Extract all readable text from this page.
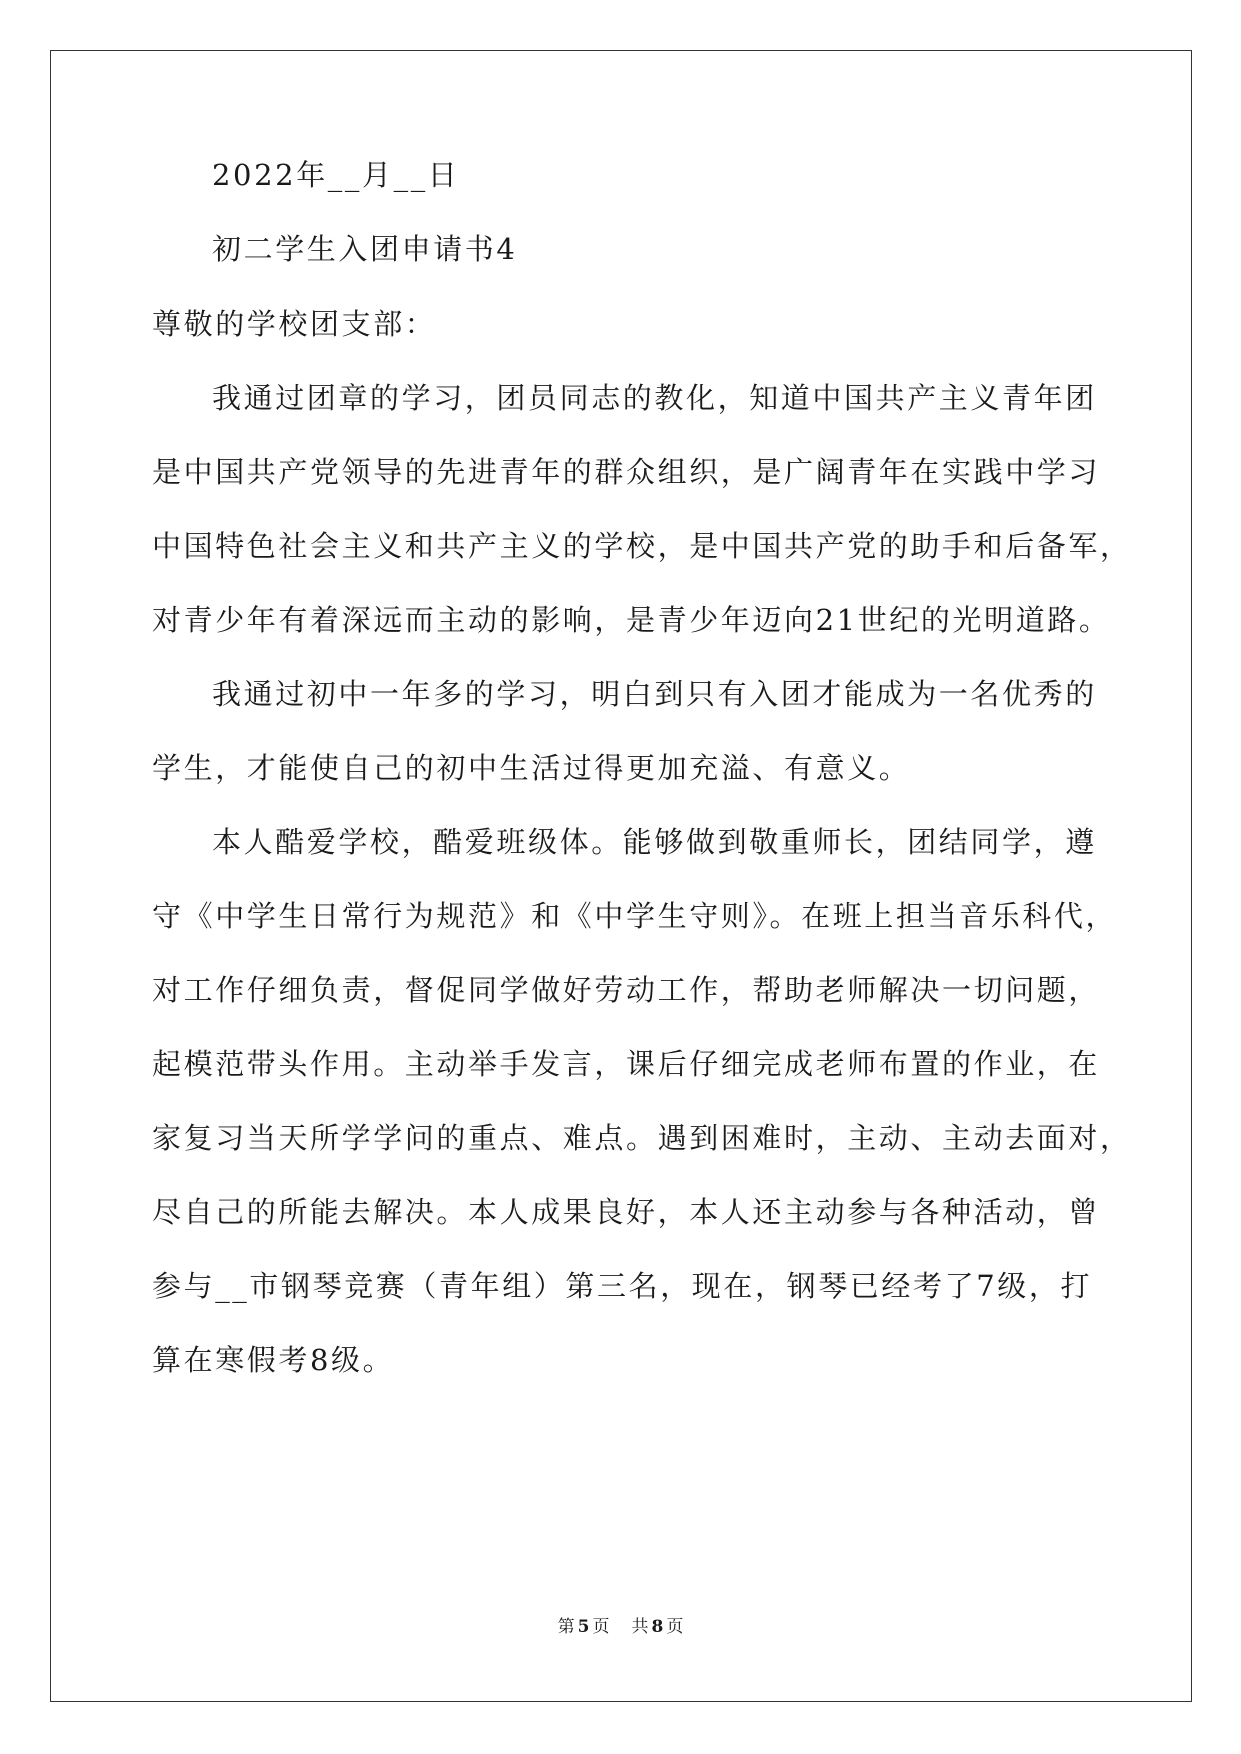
2022年__月__日
初二学生入团申请书4
尊敬的学校团支部：
我通过团章的学习，团员同志的教化，知道中国共产主义青年团
是中国共产党领导的先进青年的群众组织，是广阔青年在实践中学习
中国特色社会主义和共产主义的学校，是中国共产党的助手和后备军，
对青少年有着深远而主动的影响，是青少年迈向21世纪的光明道路。
我通过初中一年多的学习，明白到只有入团才能成为一名优秀的
学生，才能使自己的初中生活过得更加充溢、有意义。
本人酷爱学校，酷爱班级体。能够做到敬重师长，团结同学，遵
守《中学生日常行为规范》和《中学生守则》。在班上担当音乐科代，
对工作仔细负责，督促同学做好劳动工作，帮助老师解决一切问题，
起模范带头作用。主动举手发言，课后仔细完成老师布置的作业，在
家复习当天所学学问的重点、难点。遇到困难时，主动、主动去面对，
尽自己的所能去解决。本人成果良好，本人还主动参与各种活动，曾
参与__市钢琴竞赛（青年组）第三名，现在，钢琴已经考了7级，打
算在寒假考8级。
第 5 页 共 8 页
